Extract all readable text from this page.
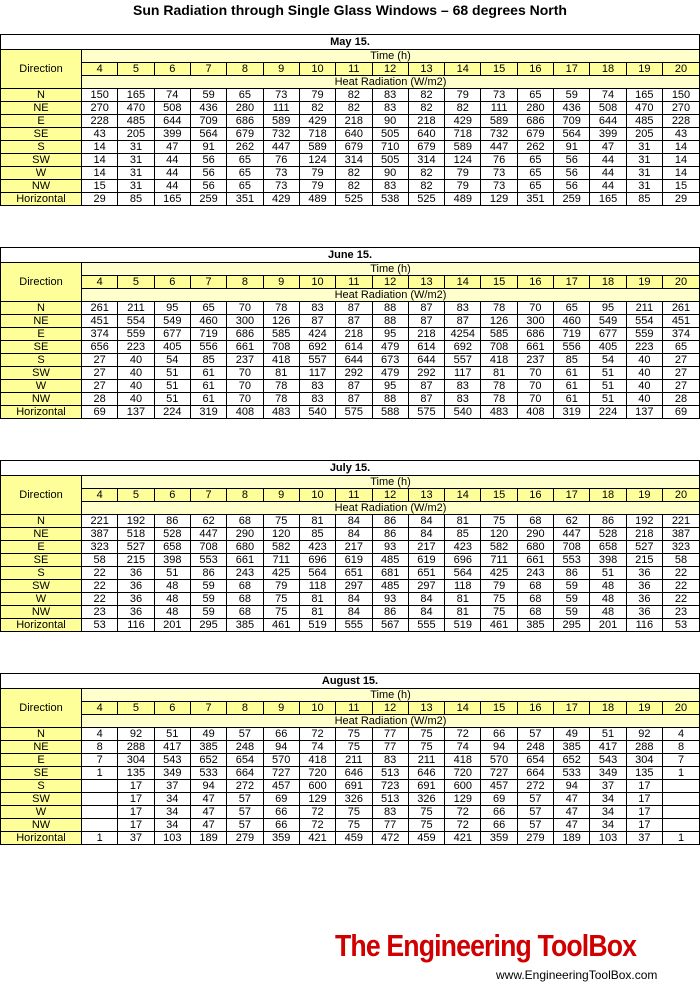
Sun Radiation through Single Glass Windows – 68 degrees North
May 15.
Direction	Time (h)																
	4	5	6	7	8	9	10	11	12	13	14	15	16	17	18	19	20
	Heat Radiation (W/m2)																
N	150	165	74	59	65	73	79	82	83	82	79	73	65	59	74	165	150
NE	270	470	508	436	280	111	82	82	83	82	82	111	280	436	508	470	270
E	228	485	644	709	686	589	429	218	90	218	429	589	686	709	644	485	228
SE	43	205	399	564	679	732	718	640	505	640	718	732	679	564	399	205	43
S	14	31	47	91	262	447	589	679	710	679	589	447	262	91	47	31	14
SW	14	31	44	56	65	76	124	314	505	314	124	76	65	56	44	31	14
W	14	31	44	56	65	73	79	82	90	82	79	73	65	56	44	31	14
NW	15	31	44	56	65	73	79	82	83	82	79	73	65	56	44	31	15
Horizontal	29	85	165	259	351	429	489	525	538	525	489	129	351	259	165	85	29
June 15.
Direction	Time (h)																
	4	5	6	7	8	9	10	11	12	13	14	15	16	17	18	19	20
	Heat Radiation (W/m2)																
N	261	211	95	65	70	78	83	87	88	87	83	78	70	65	95	211	261
NE	451	554	549	460	300	126	87	87	88	87	87	126	300	460	549	554	451
E	374	559	677	719	686	585	424	218	95	218	4254	585	686	719	677	559	374
SE	656	223	405	556	661	708	692	614	479	614	692	708	661	556	405	223	65
S	27	40	54	85	237	418	557	644	673	644	557	418	237	85	54	40	27
SW	27	40	51	61	70	81	117	292	479	292	117	81	70	61	51	40	27
W	27	40	51	61	70	78	83	87	95	87	83	78	70	61	51	40	27
NW	28	40	51	61	70	78	83	87	88	87	83	78	70	61	51	40	28
Horizontal	69	137	224	319	408	483	540	575	588	575	540	483	408	319	224	137	69
July 15.
Direction	Time (h)																
	4	5	6	7	8	9	10	11	12	13	14	15	16	17	18	19	20
	Heat Radiation (W/m2)																
N	221	192	86	62	68	75	81	84	86	84	81	75	68	62	86	192	221
NE	387	518	528	447	290	120	85	84	86	84	85	120	290	447	528	218	387
E	323	527	658	708	680	582	423	217	93	217	423	582	680	708	658	527	323
SE	58	215	398	553	661	711	696	619	485	619	696	711	661	553	398	215	58
S	22	36	51	86	243	425	564	651	681	651	564	425	243	86	51	36	22
SW	22	36	48	59	68	79	118	297	485	297	118	79	68	59	48	36	22
W	22	36	48	59	68	75	81	84	93	84	81	75	68	59	48	36	22
NW	23	36	48	59	68	75	81	84	86	84	81	75	68	59	48	36	23
Horizontal	53	116	201	295	385	461	519	555	567	555	519	461	385	295	201	116	53
August 15.
Direction	Time (h)																
	4	5	6	7	8	9	10	11	12	13	14	15	16	17	18	19	20
	Heat Radiation (W/m2)																
N	4	92	51	49	57	66	72	75	77	75	72	66	57	49	51	92	4
NE	8	288	417	385	248	94	74	75	77	75	74	94	248	385	417	288	8
E	7	304	543	652	654	570	418	211	83	211	418	570	654	652	543	304	7
SE	1	135	349	533	664	727	720	646	513	646	720	727	664	533	349	135	1
S		17	37	94	272	457	600	691	723	691	600	457	272	94	37	17	
SW		17	34	47	57	69	129	326	513	326	129	69	57	47	34	17	
W		17	34	47	57	66	72	75	83	75	72	66	57	47	34	17	
NW		17	34	47	57	66	72	75	77	75	72	66	57	47	34	17	
Horizontal	1	37	103	189	279	359	421	459	472	459	421	359	279	189	103	37	1
The Engineering ToolBox
www.EngineeringToolBox.com
